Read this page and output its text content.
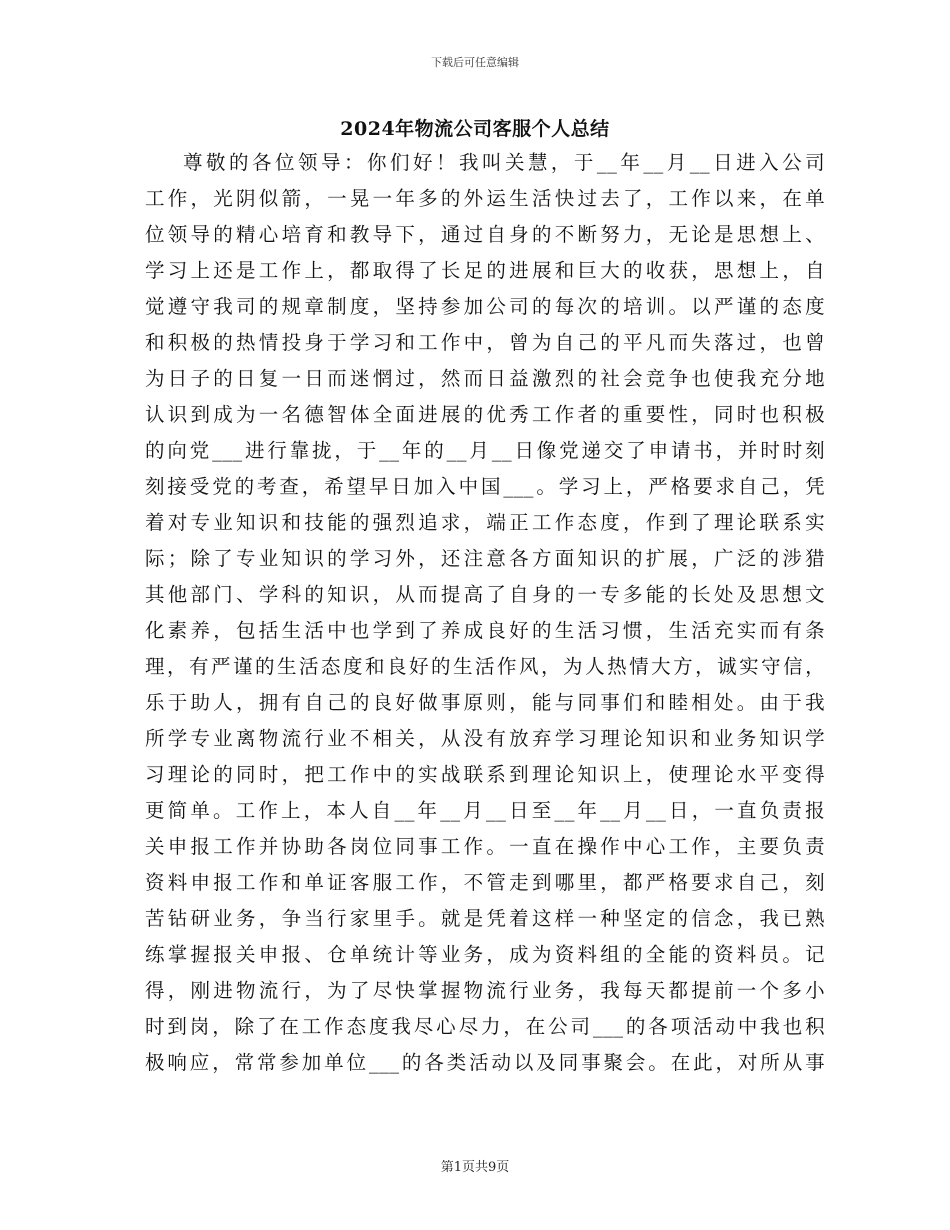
下载后可任意编辑
2024年物流公司客服个人总结
尊敬的各位领导：你们好！我叫关慧，于__年__月__日进入公司
工作，光阴似箭，一晃一年多的外运生活快过去了，工作以来，在单
位领导的精心培育和教导下，通过自身的不断努力，无论是思想上、
学习上还是工作上，都取得了长足的进展和巨大的收获，思想上，自
觉遵守我司的规章制度，坚持参加公司的每次的培训。以严谨的态度
和积极的热情投身于学习和工作中，曾为自己的平凡而失落过，也曾
为日子的日复一日而迷惘过，然而日益激烈的社会竞争也使我充分地
认识到成为一名德智体全面进展的优秀工作者的重要性，同时也积极
的向党___进行靠拢，于__年的__月__日像党递交了申请书，并时时刻
刻接受党的考查，希望早日加入中国___。学习上，严格要求自己，凭
着对专业知识和技能的强烈追求，端正工作态度，作到了理论联系实
际；除了专业知识的学习外，还注意各方面知识的扩展，广泛的涉猎
其他部门、学科的知识，从而提高了自身的一专多能的长处及思想文
化素养，包括生活中也学到了养成良好的生活习惯，生活充实而有条
理，有严谨的生活态度和良好的生活作风，为人热情大方，诚实守信，
乐于助人，拥有自己的良好做事原则，能与同事们和睦相处。由于我
所学专业离物流行业不相关，从没有放弃学习理论知识和业务知识学
习理论的同时，把工作中的实战联系到理论知识上，使理论水平变得
更简单。工作上，本人自__年__月__日至__年__月__日，一直负责报
关申报工作并协助各岗位同事工作。一直在操作中心工作，主要负责
资料申报工作和单证客服工作，不管走到哪里，都严格要求自己，刻
苦钻研业务，争当行家里手。就是凭着这样一种坚定的信念，我已熟
练掌握报关申报、仓单统计等业务，成为资料组的全能的资料员。记
得，刚进物流行，为了尽快掌握物流行业务，我每天都提前一个多小
时到岗，除了在工作态度我尽心尽力，在公司___的各项活动中我也积
极响应，常常参加单位___的各类活动以及同事聚会。在此，对所从事
第1页共9页
